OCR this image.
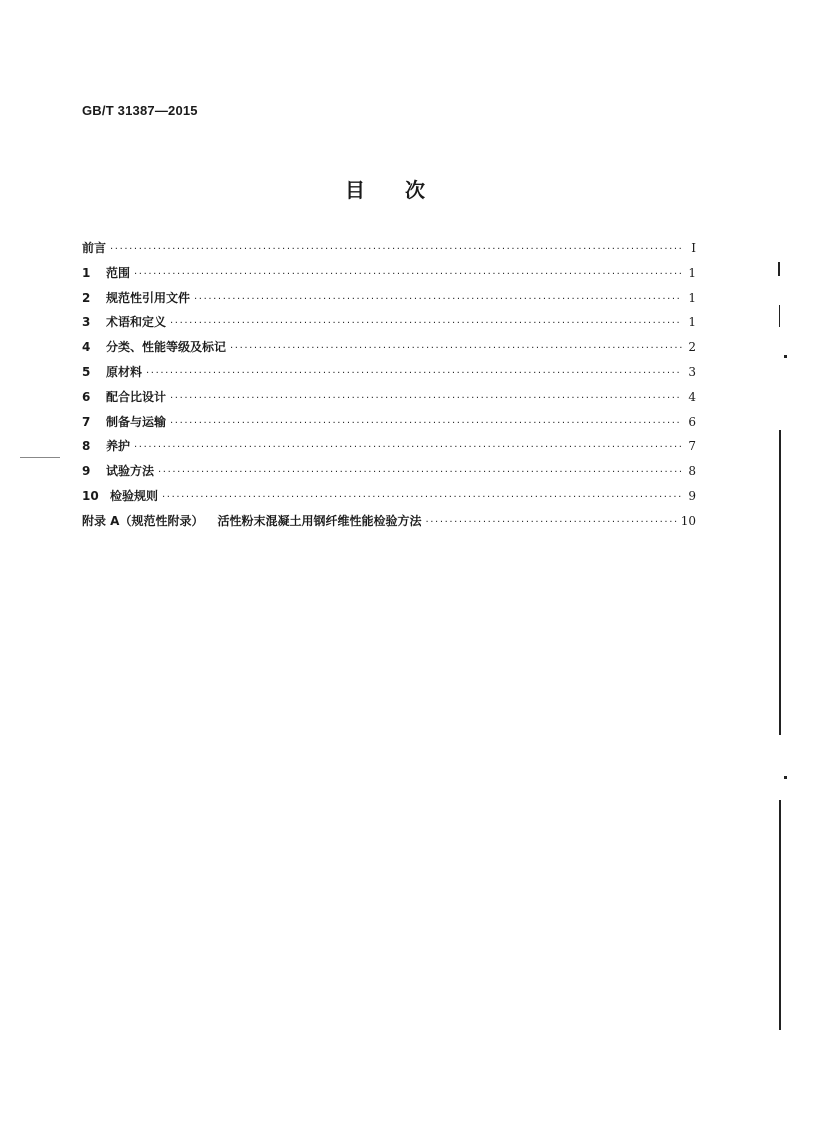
GB/T 31387—2015
目 次
前言 ·····	Ⅰ
1	范围 ·····	1
2	规范性引用文件 ·····	1
3	术语和定义 ·····	1
4	分类、性能等级及标记 ·····	2
5	原材料 ·····	3
6	配合比设计 ·····	4
7	制备与运输 ·····	6
8	养护 ·····	7
9	试验方法 ·····	8
10 检验规则 ·····	9
附录 A（规范性附录） 活性粉末混凝土用钢纤维性能检验方法 ·····	10
